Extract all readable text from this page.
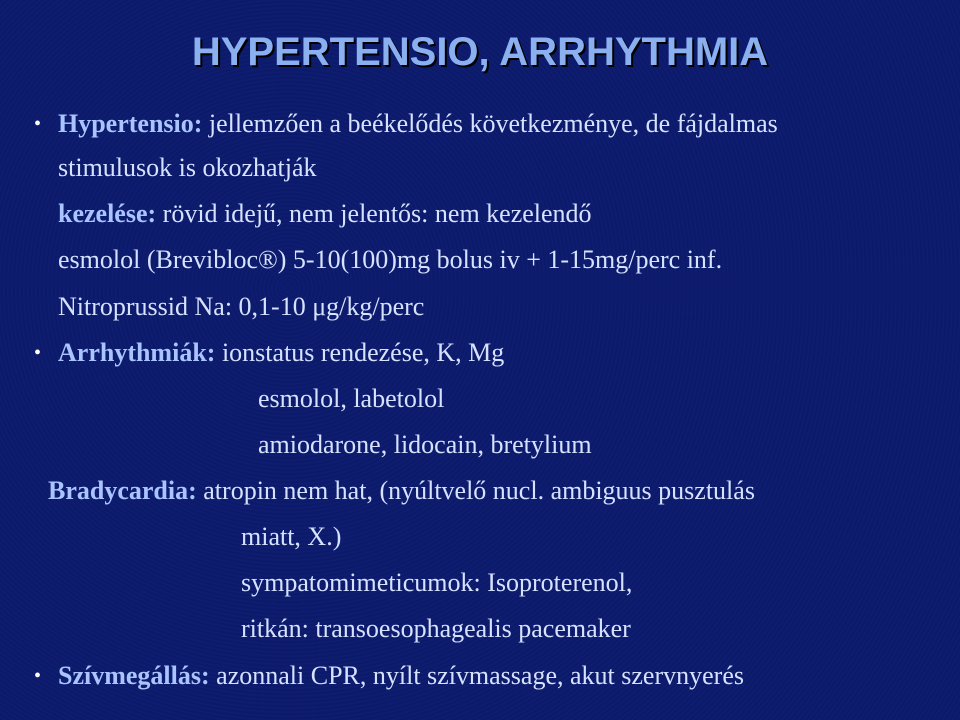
HYPERTENSIO, ARRHYTHMIA
• Hypertensio: jellemzően a beékelődés következménye, de fájdalmas
stimulusok is okozhatják
kezelése: rövid idejű, nem jelentős: nem kezelendő
esmolol (Brevibloc®) 5-10(100)mg bolus iv + 1-15mg/perc inf.
Nitroprussid Na: 0,1-10 μg/kg/perc
• Arrhythmiák: ionstatus rendezése, K, Mg
esmolol, labetolol
amiodarone, lidocain, bretylium
Bradycardia: atropin nem hat, (nyúltvelő nucl. ambiguus pusztulás
miatt, X.)
sympatomimeticumok: Isoproterenol,
ritkán: transoesophagealis pacemaker
• Szívmegállás: azonnali CPR, nyílt szívmassage, akut szervnyerés
